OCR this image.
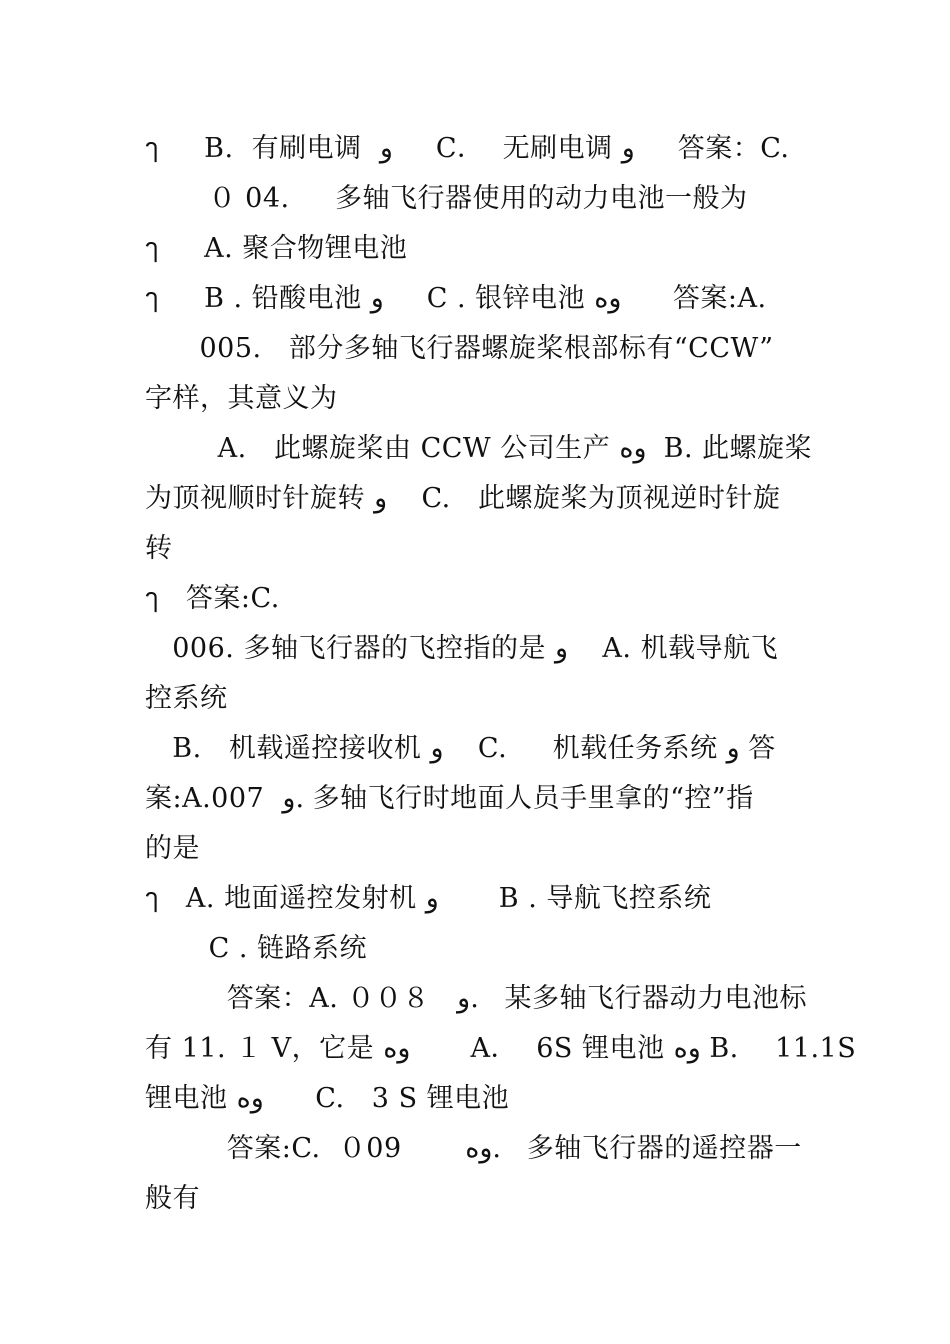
ๅ     B.  有刷电调  و     C．  无刷电调 و     答案：C.
０ 04.     多轴飞行器使用的动力电池一般为
ๅ     A. 聚合物锂电池
ๅ     B . 铅酸电池 و     C . 银锌电池 وه      答案:A.
005.   部分多轴飞行器螺旋桨根部标有“CCW”
字样，其意义为
A.   此螺旋桨由 CCW 公司生产 وه  B. 此螺旋桨
为顶视顺时针旋转 و    C.   此螺旋桨为顶视逆时针旋
转
ๅ   答案:C.
006. 多轴飞行器的飞控指的是 و    A. 机载导航飞
控系统
B.   机载遥控接收机 و    C.     机载任务系统 و 答
案:A.007  و. 多轴飞行时地面人员手里拿的“控”指
的是
ๅ   A. 地面遥控发射机 و       B . 导航飞控系统
C . 链路系统
答案：A. ００８   و.   某多轴飞行器动力电池标
有 11. １ V，它是 وه       A．  6S 锂电池 وه B.    11.1S
锂电池 وه      C.   3 S 锂电池
答案:C.  ０09       وه.   多轴飞行器的遥控器一
般有
